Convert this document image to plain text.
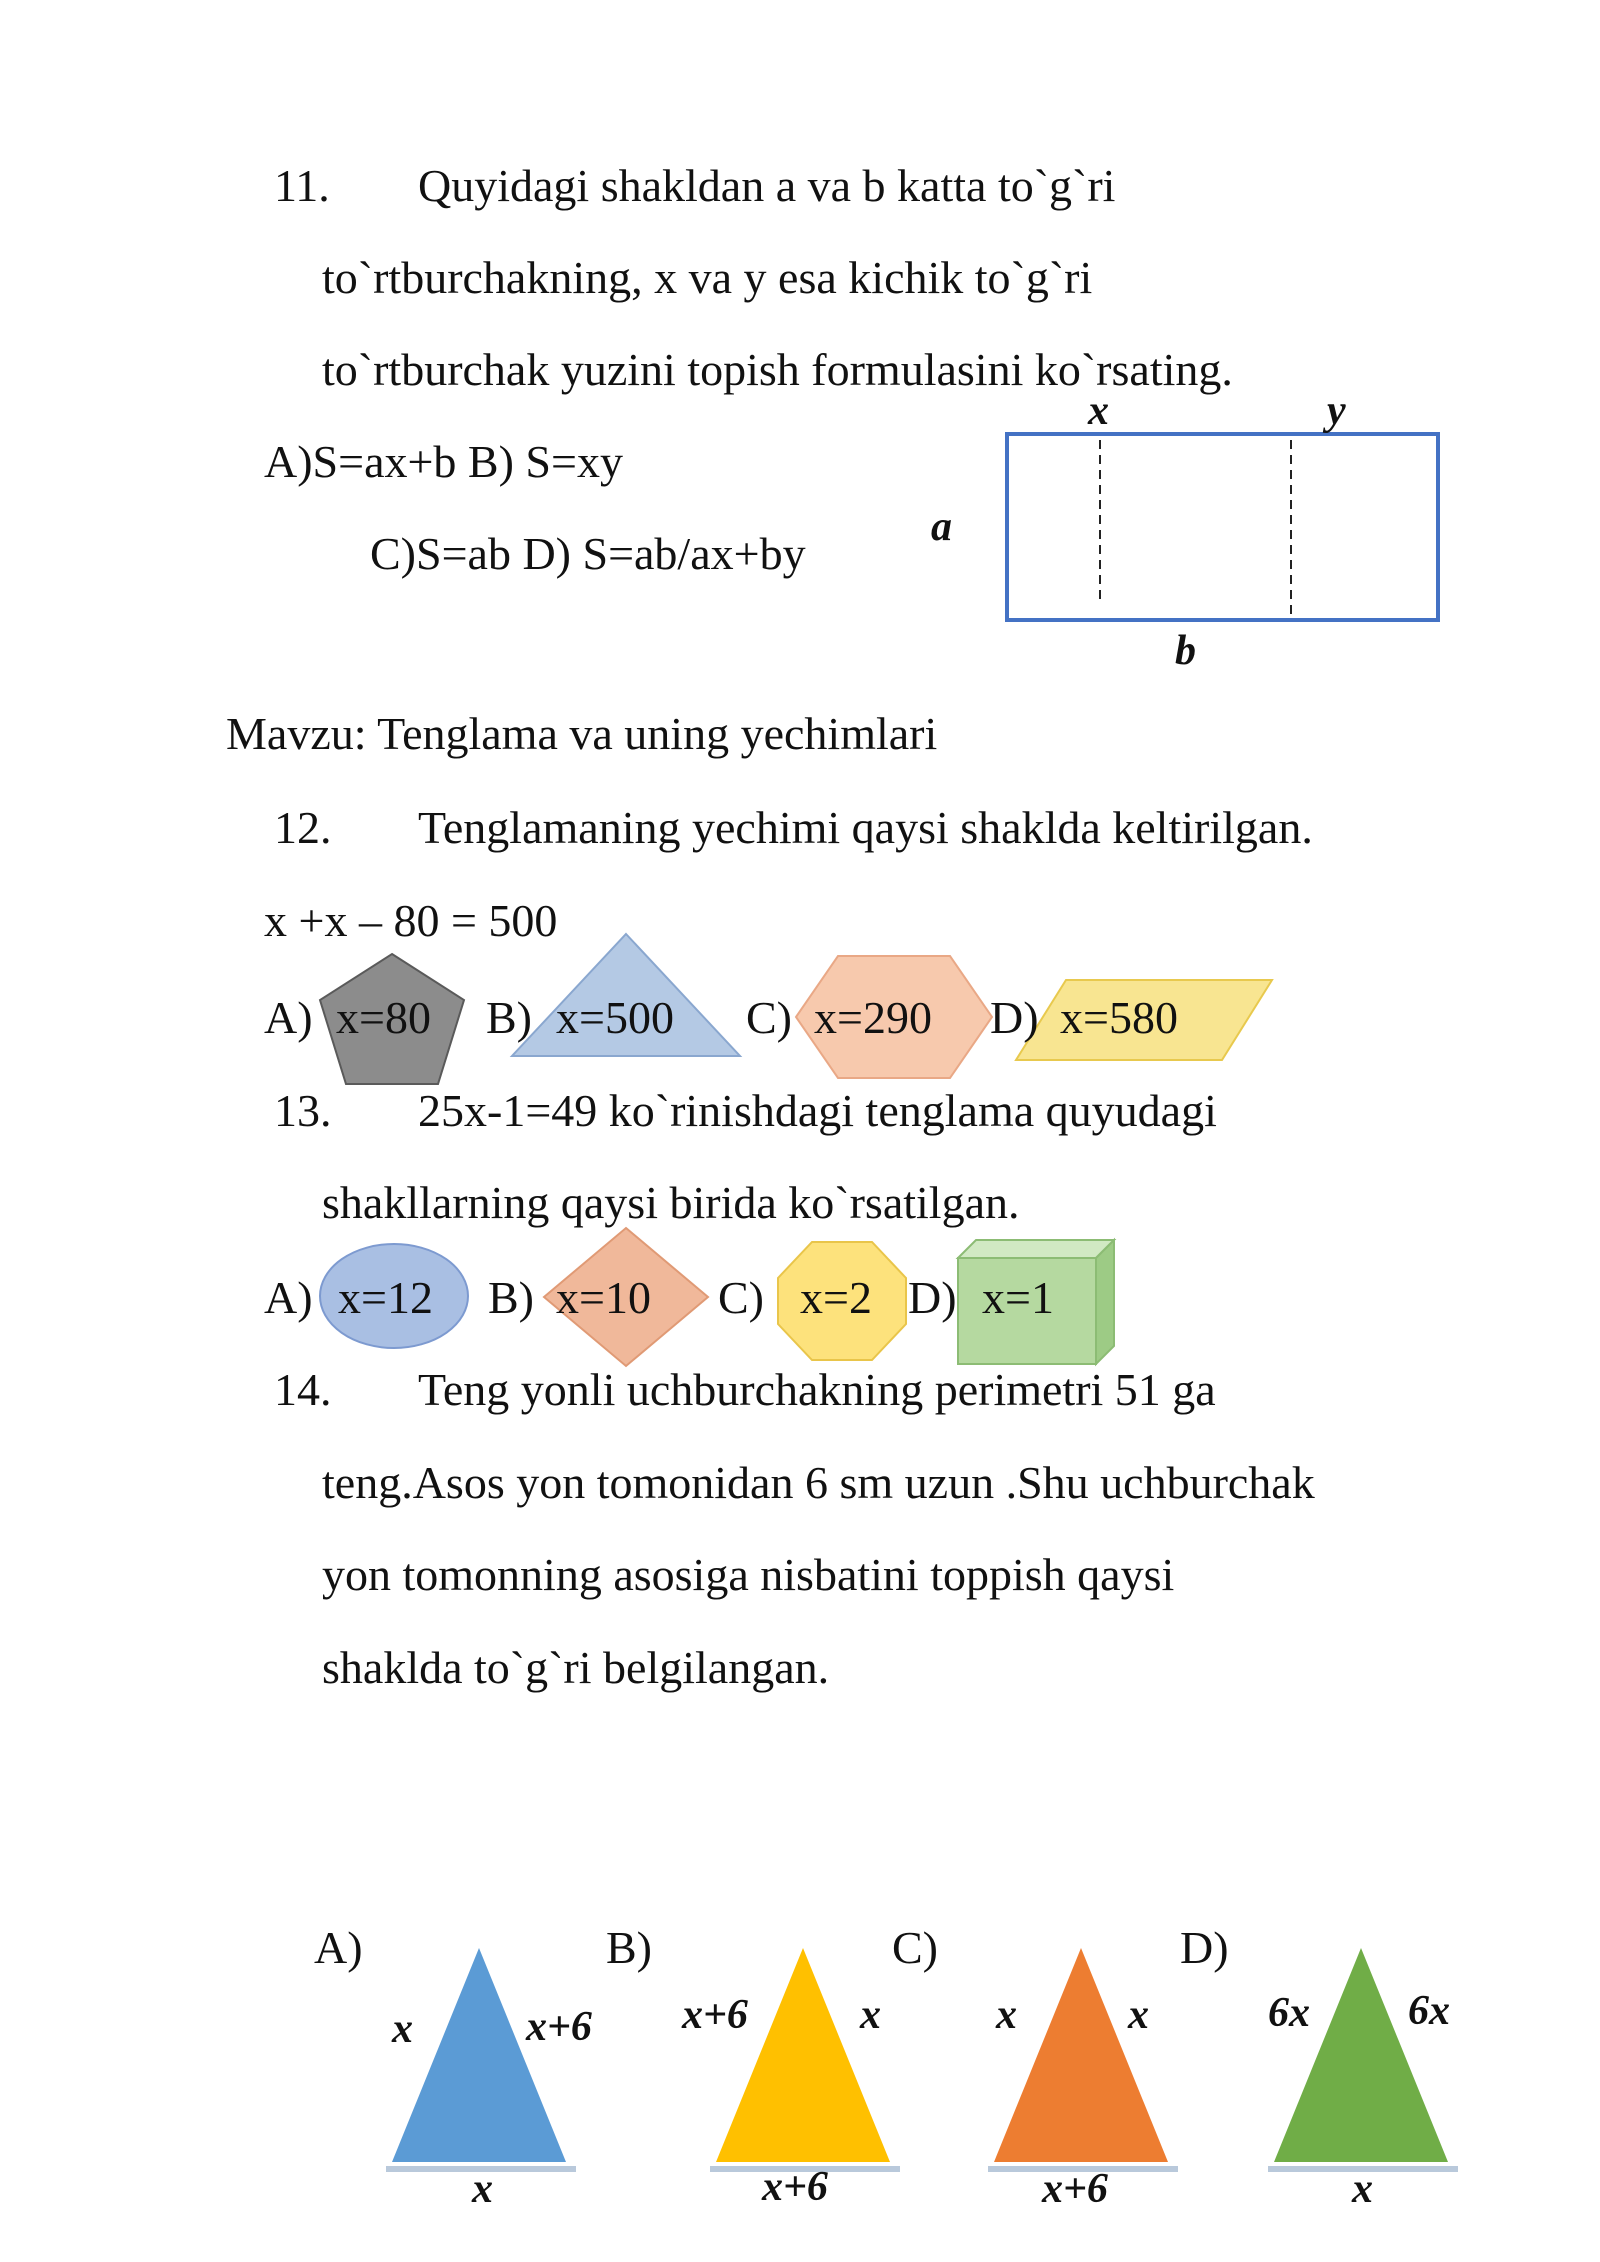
11. Quyidagi shakldan a va b katta to`g`ri
to`rtburchakning, x va y esa kichik to`g`ri
to`rtburchak yuzini topish formulasini ko`rsating.
A)S=ax+b B) S=xy
C)S=ab D) S=ab/ax+by
x	y
a
b
Mavzu: Tenglama va uning yechimlari
12. Tenglamaning yechimi qaysi shaklda keltirilgan.
x +x – 80 = 500
A) x=80 B) x=500 C) x=290 D) x=580
13. 25x-1=49 ko`rinishdagi tenglama quyudagi
shakllarning qaysi birida ko`rsatilgan.
A) x=12 B) x=10 C) x=2 D) x=1
14. Teng yonli uchburchakning perimetri 51 ga
teng.Asos yon tomonidan 6 sm uzun .Shu uchburchak
yon tomonning asosiga nisbatini toppish qaysi
shaklda to`g`ri belgilangan.
A)	B)	C)	D)
x	x+6
x
x+6	x
x+6
x	x
x+6
6x 6x
x
